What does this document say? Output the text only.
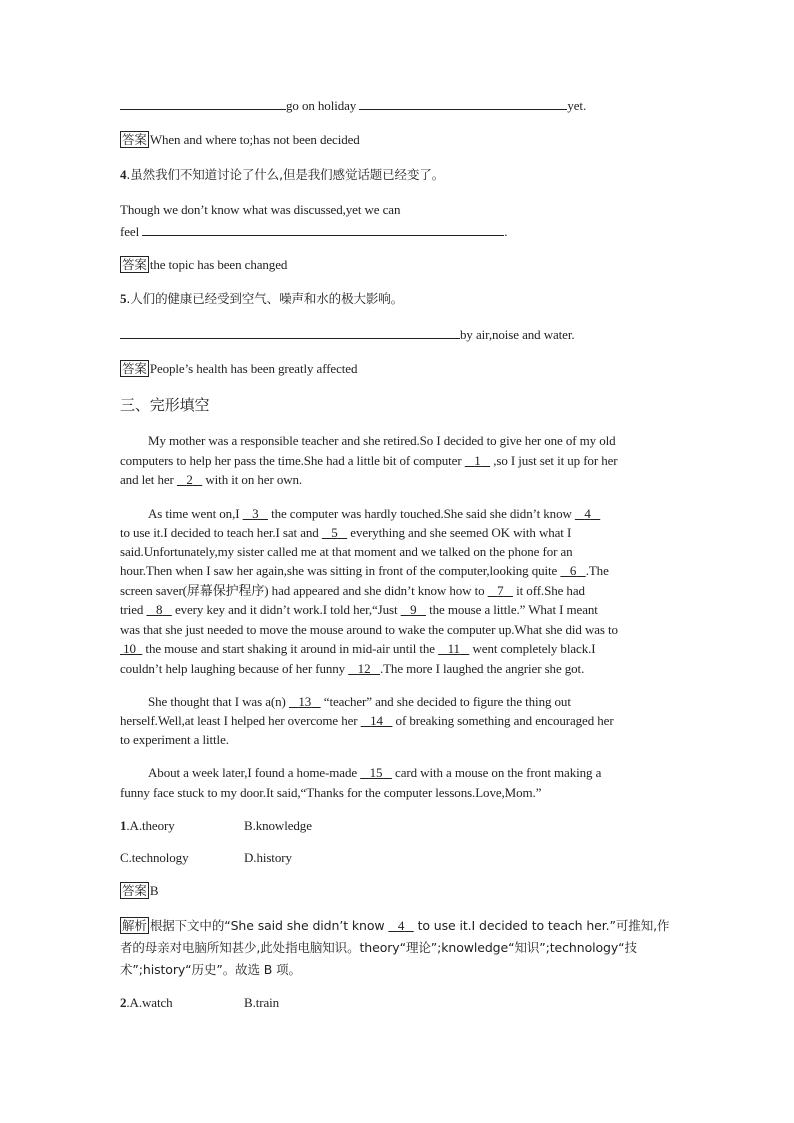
go on holiday	yet.
答案 When and where to;has not been decided
4.虽然我们不知道讨论了什么,但是我们感觉话题已经变了。
Though we don’t know what was discussed,yet we can
feel	.
答案 the topic has been changed
5.人们的健康已经受到空气、噪声和水的极大影响。
by air,noise and water.
答案 People’s health has been greatly affected
三、完形填空
My mother was a responsible teacher and she retired.So I decided to give her one of my old
computers to help her pass the time.She had a little bit of computer    1    ,so I just set it up for her
and let her    2    with it on her own.
As time went on,I    3    the computer was hardly touched.She said she didn’t know    4
to use it.I decided to teach her.I sat and    5    everything and she seemed OK with what I
said.Unfortunately,my sister called me at that moment and we talked on the phone for an
hour.Then when I saw her again,she was sitting in front of the computer,looking quite    6 .The
screen saver(屏幕保护程序) had appeared and she didn’t know how to    7    it off.She had
tried    8    every key and it didn’t work.I told her,“Just    9    the mouse a little.” What I meant
was that she just needed to move the mouse around to wake the computer up.What she did was to
10   the mouse and start shaking it around in mid-air until the    11    went completely black.I
couldn’t help laughing because of her funny    12 .The more I laughed the angrier she got.
She thought that I was a(n)    13    “teacher” and she decided to figure the thing out
herself.Well,at least I helped her overcome her    14    of breaking something and encouraged her
to experiment a little.
About a week later,I found a home-made    15    card with a mouse on the front making a
funny face stuck to my door.It said,“Thanks for the computer lessons.Love,Mom.”
1.A.theory	B.knowledge
C.technology	D.history
答案 B
解析 根据下文中的“She said she didn’t know    4    to use it.I decided to teach her.”可推知,作
者的母亲对电脑所知甚少,此处指电脑知识。theory“理论”;knowledge“知识”;technology“技
术”;history“历史”。故选 B 项。
2.A.watch	B.train
